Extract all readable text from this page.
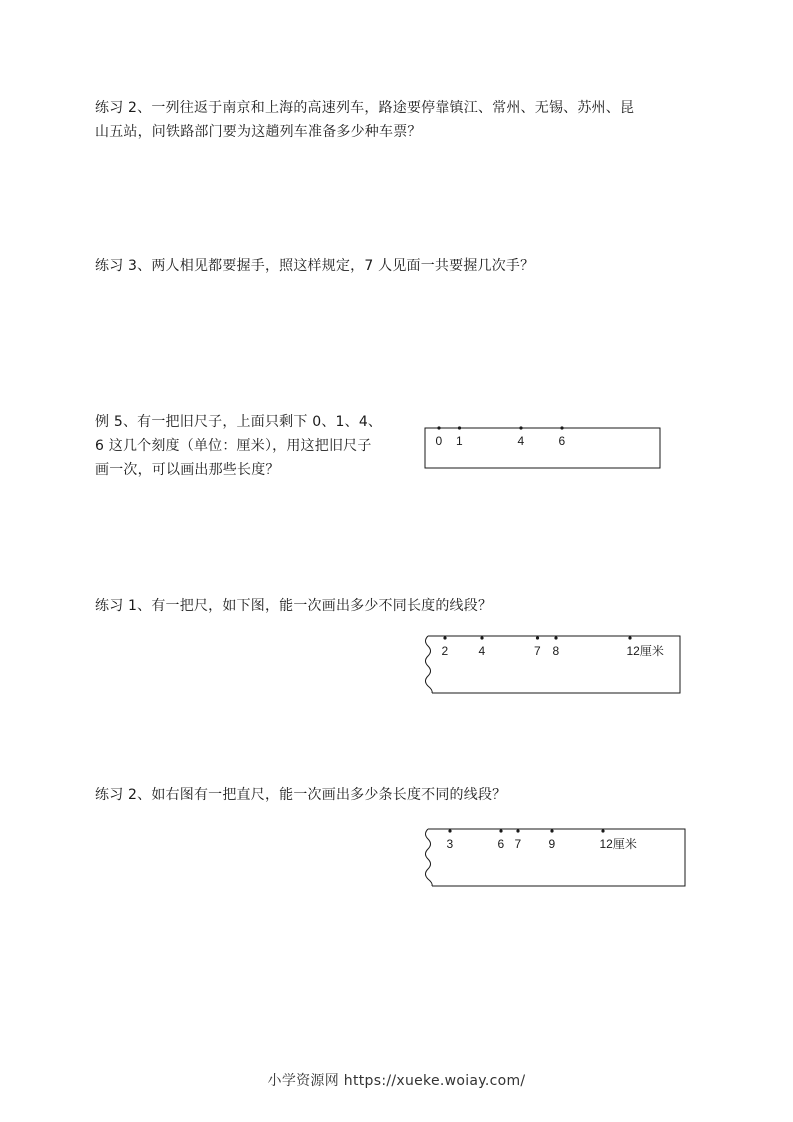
练习 2、一列往返于南京和上海的高速列车，路途要停靠镇江、常州、无锡、苏州、昆
山五站，问铁路部门要为这趟列车准备多少种车票？
练习 3、两人相见都要握手，照这样规定，7 人见面一共要握几次手？
例 5、有一把旧尺子，上面只剩下 0、1、4、
6 这几个刻度（单位：厘米），用这把旧尺子
画一次，可以画出那些长度？
0 1	4	6
练习 1、有一把尺，如下图，能一次画出多少不同长度的线段？
2	4	7 8	12厘米
练习 2、如右图有一把直尺，能一次画出多少条长度不同的线段？
3	6 7 9	12厘米
小学资源网 https://xueke.woiay.com/
